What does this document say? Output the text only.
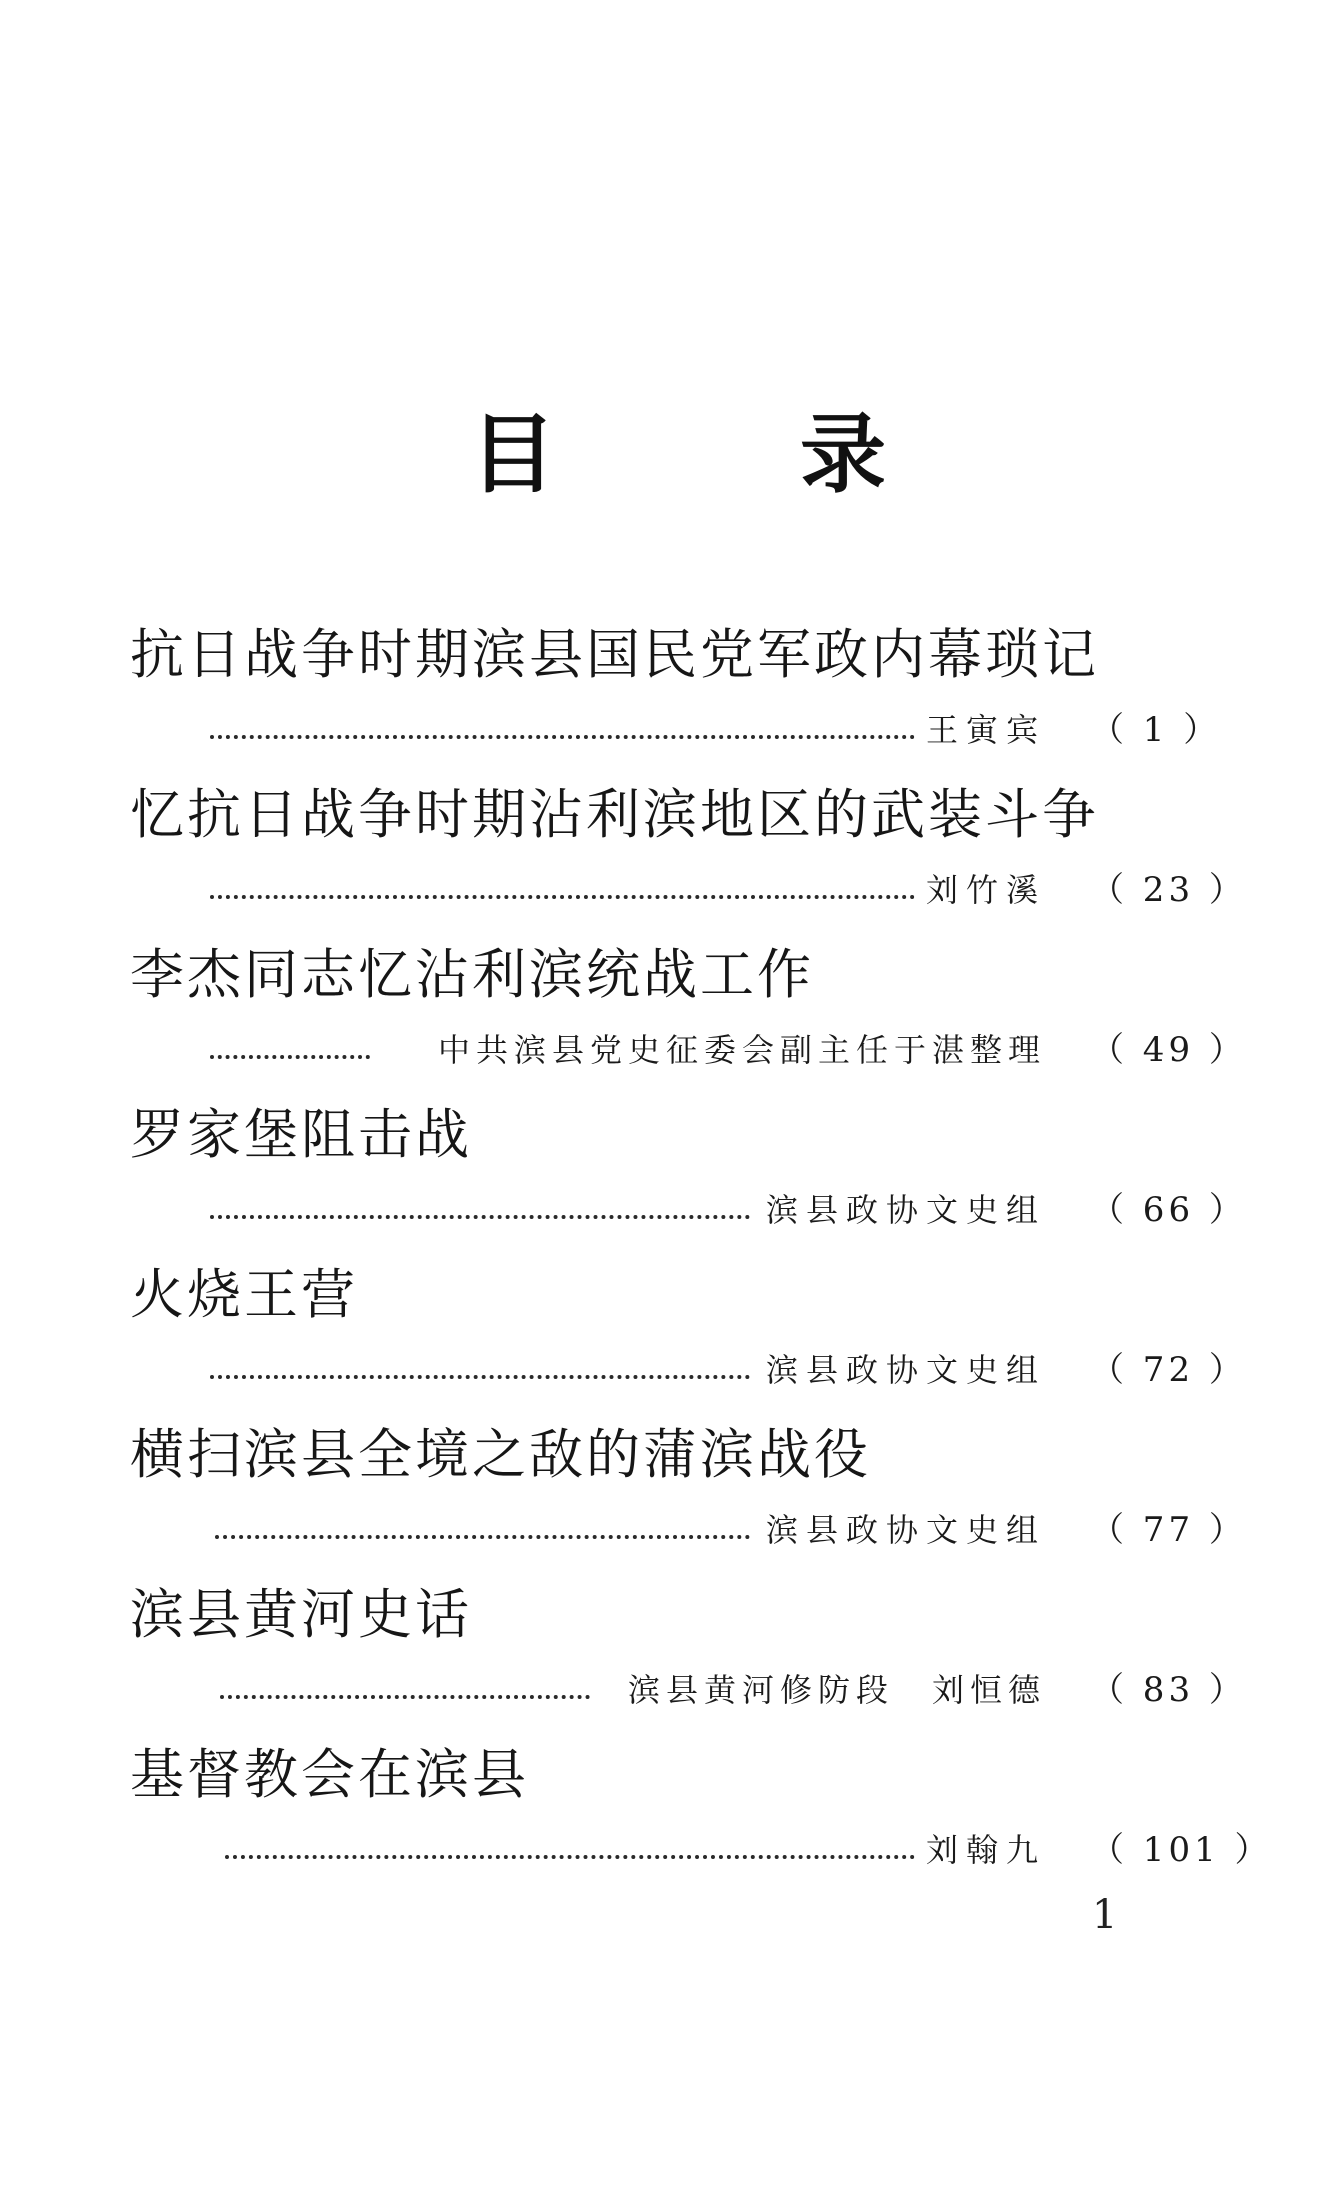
目	录
抗日战争时期滨县国民党军政内幕琐记
王寅宾 （ 1 ）
忆抗日战争时期沾利滨地区的武装斗争
刘竹溪 （ 23 ）
李杰同志忆沾利滨统战工作
中共滨县党史征委会副主任于湛整理 （ 49 ）
罗家堡阻击战
滨县政协文史组 （ 66 ）
火烧王营
滨县政协文史组 （ 72 ）
横扫滨县全境之敌的蒲滨战役
滨县政协文史组 （ 77 ）
滨县黄河史话
滨县黄河修防段　刘恒德 （ 83 ）
基督教会在滨县
刘翰九 （ 101 ）
1
